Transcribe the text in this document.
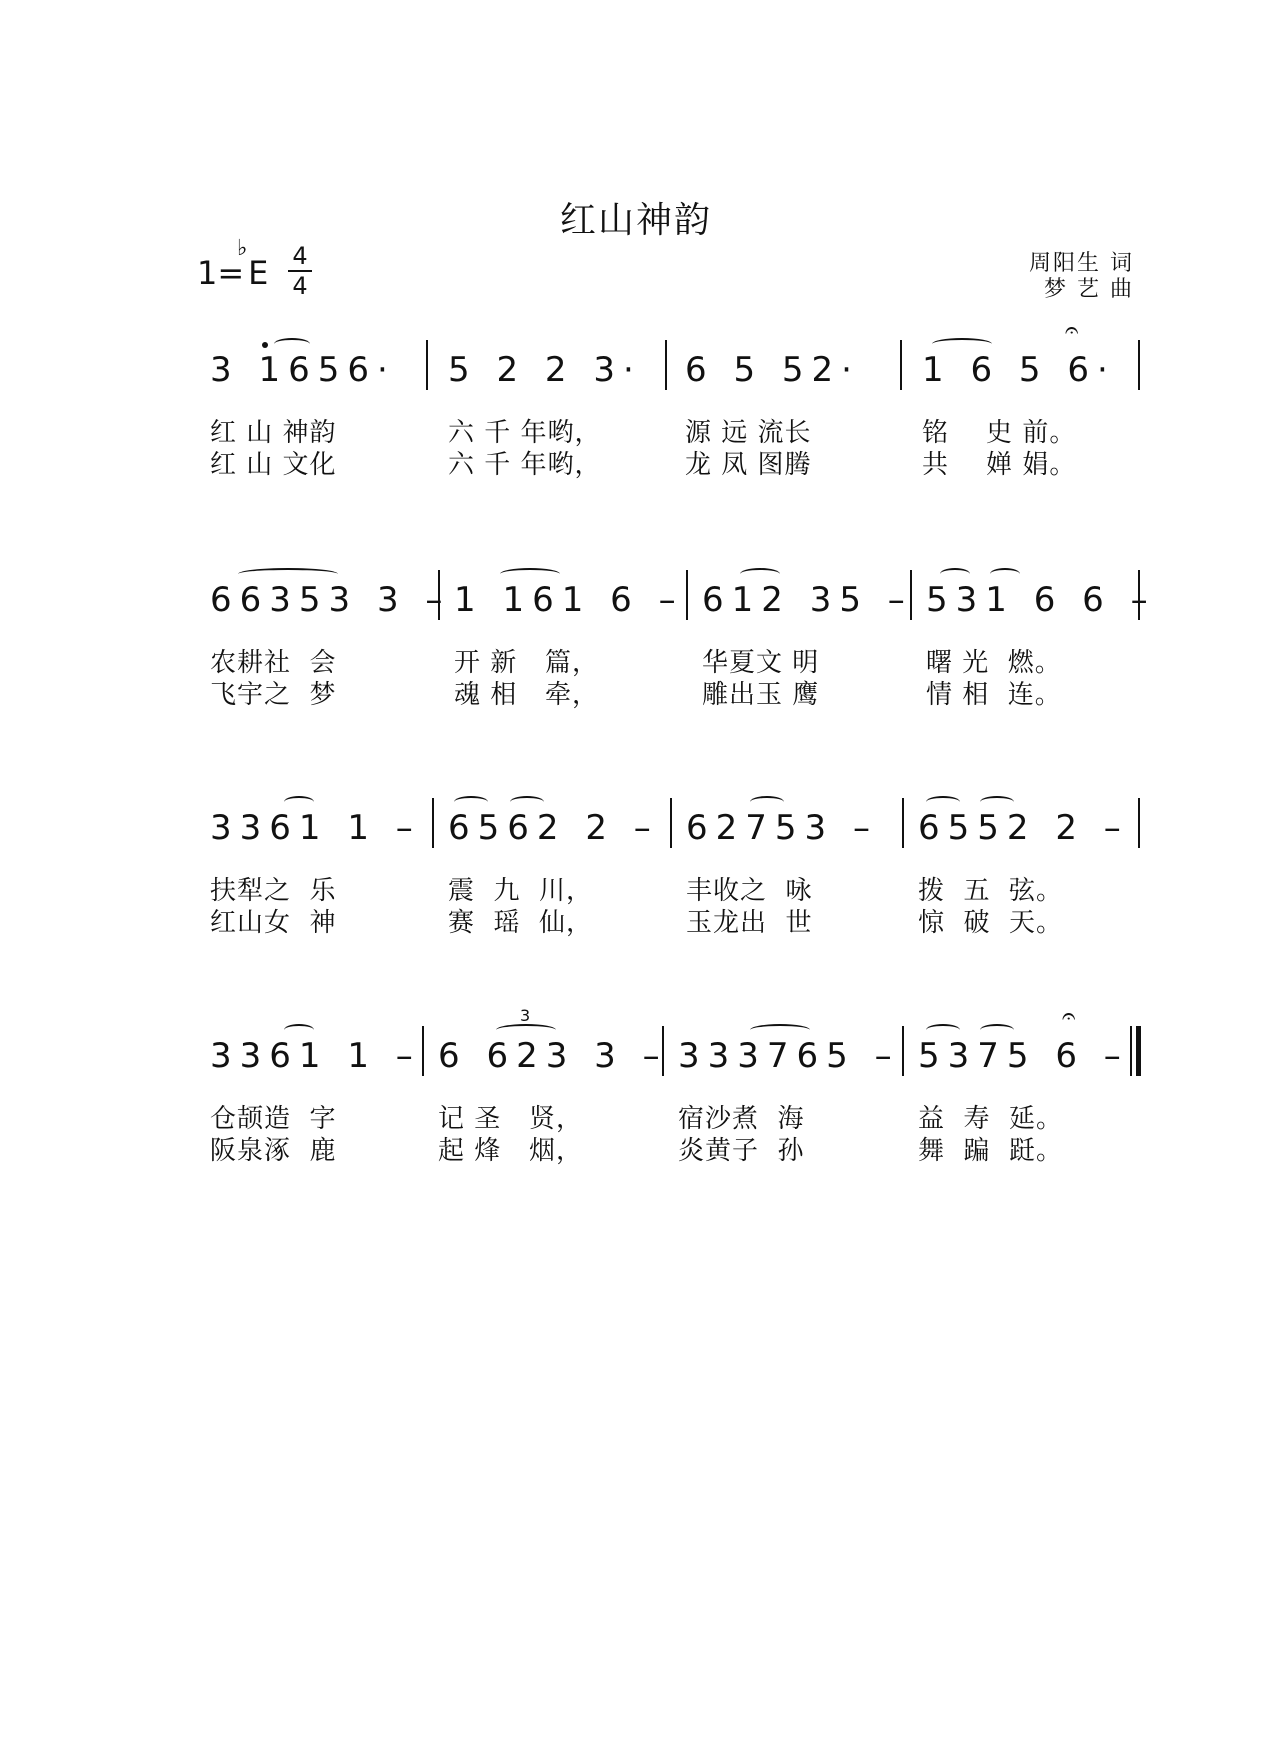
红山神韵
1=
♭
E 4
4
周阳生 词
梦 艺 曲
3 1656· 5 2 2 3· 6 5 52· 1 6 5 6·
𝄐
红 山 神韵	六 千 年哟，	源 远 流长	铭    史 前。
红 山 文化	六 千 年哟，	龙 凤 图腾	共    婵 娟。
66353 3 – 1 161 6 – 612 35 – 531 6 6 –
农耕社  会	开 新   篇，	华夏文 明	曙 光  燃。
飞宇之  梦	魂 相   牵，	雕出玉 鹰	情 相  连。
3361 1 – 6562 2 – 62753 – 6552 2 –
扶犁之  乐	震  九  川，	丰收之  咏	拨  五  弦。
红山女  神	赛  瑶  仙，	玉龙出  世	惊  破  天。
3361 1 – 6 623 3 – 333765 – 5375 6 –
3	𝄐
仓颉造  字	记 圣   贤，	宿沙煮  海	益  寿  延。
阪泉涿  鹿	起 烽   烟，	炎黄子  孙	舞  蹁  跹。
